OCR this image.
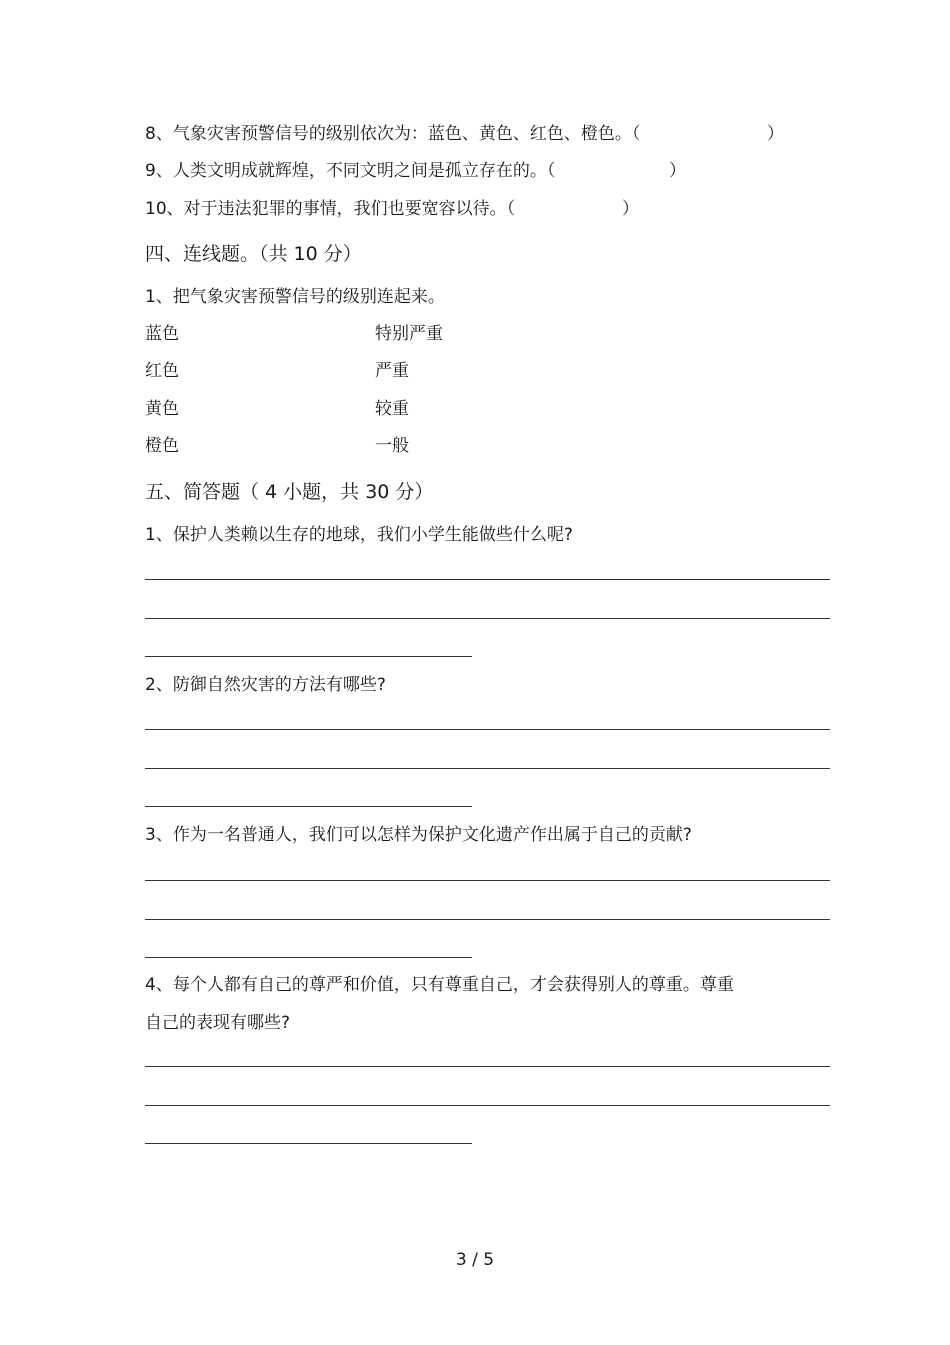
8、气象灾害预警信号的级别依次为：蓝色、黄色、红色、橙色。（	）
9、人类文明成就辉煌，不同文明之间是孤立存在的。（	）
10、对于违法犯罪的事情，我们也要宽容以待。（	）
四、连线题。（共 10 分）
1、把气象灾害预警信号的级别连起来。
蓝色	特别严重
红色	严重
黄色	较重
橙色	一般
五、简答题（ 4 小题，共 30 分）
1、保护人类赖以生存的地球，我们小学生能做些什么呢?
2、防御自然灾害的方法有哪些?
3、作为一名普通人，我们可以怎样为保护文化遗产作出属于自己的贡献?
4、每个人都有自己的尊严和价值，只有尊重自己，才会获得别人的尊重。尊重
自己的表现有哪些?
3 / 5
